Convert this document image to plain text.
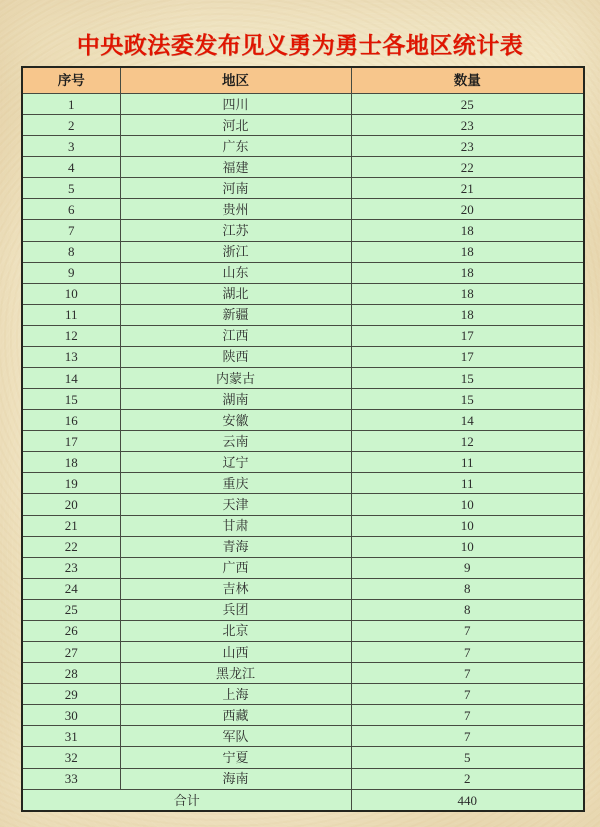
中央政法委发布见义勇为勇士各地区统计表
序号	地区	数量
1	四川	25
2	河北	23
3	广东	23
4	福建	22
5	河南	21
6	贵州	20
7	江苏	18
8	浙江	18
9	山东	18
10	湖北	18
11	新疆	18
12	江西	17
13	陕西	17
14	内蒙古	15
15	湖南	15
16	安徽	14
17	云南	12
18	辽宁	11
19	重庆	11
20	天津	10
21	甘肃	10
22	青海	10
23	广西	9
24	吉林	8
25	兵团	8
26	北京	7
27	山西	7
28	黑龙江	7
29	上海	7
30	西藏	7
31	军队	7
32	宁夏	5
33	海南	2
合计		440
